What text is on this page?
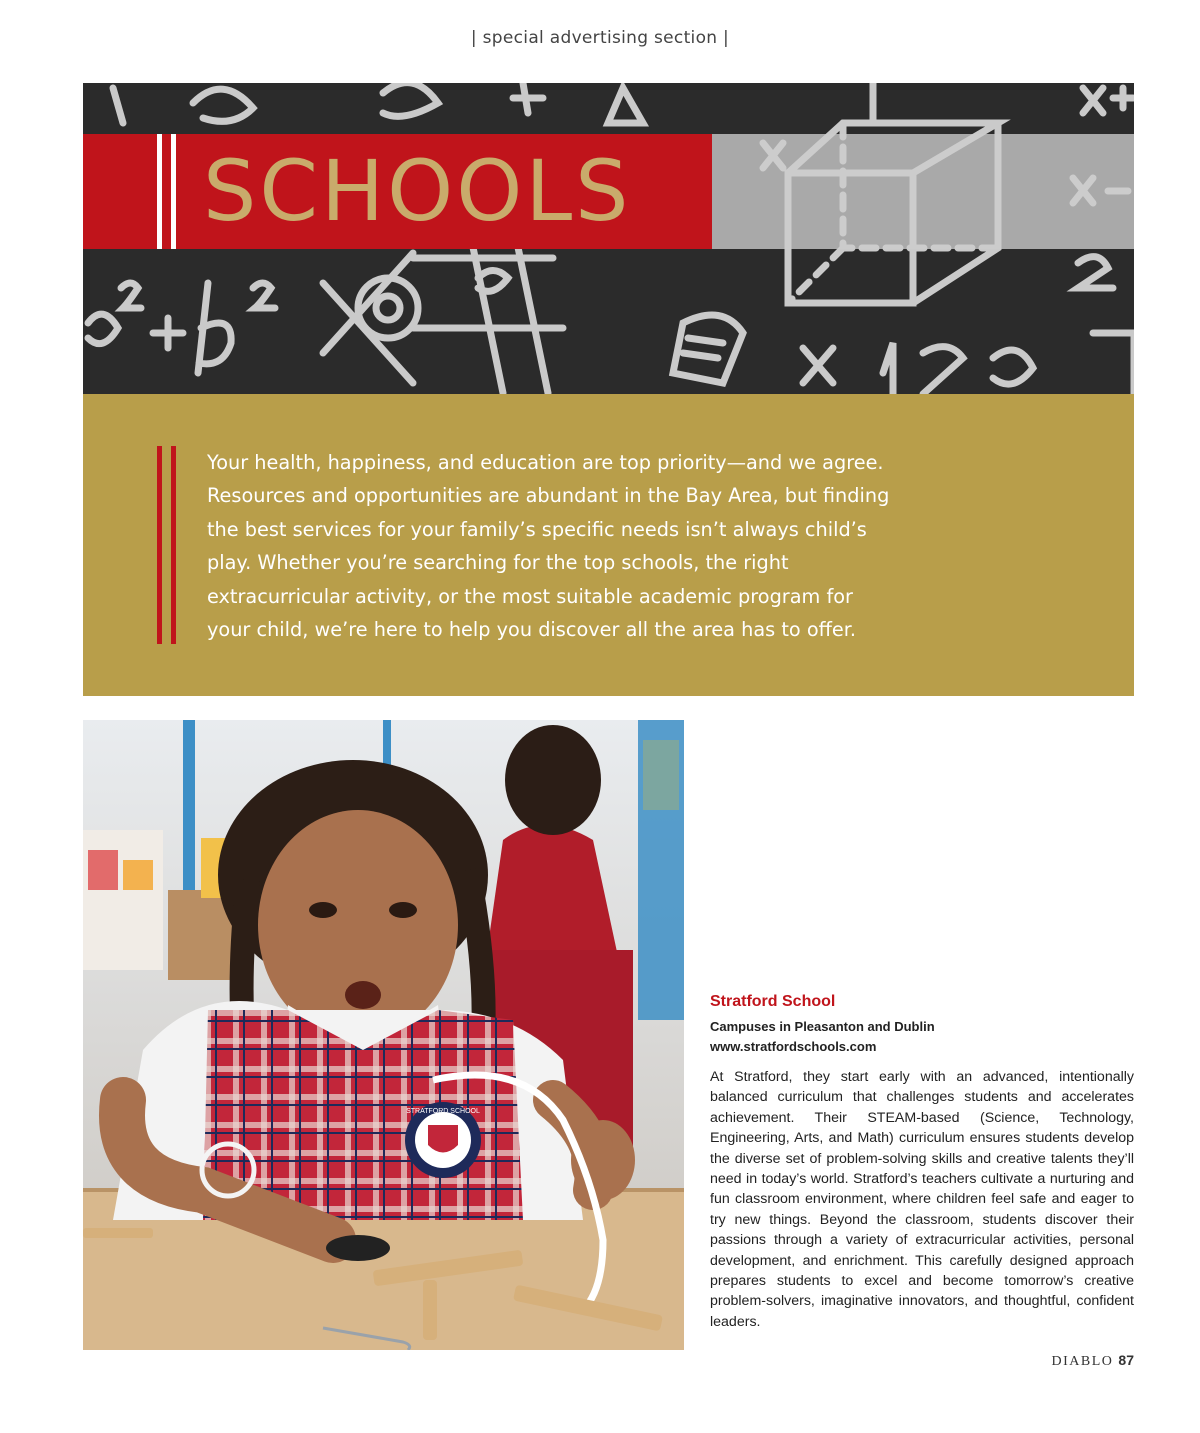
| special advertising section |
SCHOOLS

Your health, happiness, and education are top priority—and we agree. Resources and opportunities are abundant in the Bay Area, but finding the best services for your family’s specific needs isn’t always child’s play. Whether you’re searching for the top schools, the right extracurricular activity, or the most suitable academic program for your child, we’re here to help you discover all the area has to offer.

STRATFORD SCHOOL

Stratford School

Campuses in Pleasanton and Dublin

www.stratfordschools.com

At Stratford, they start early with an advanced, intentionally balanced curriculum that challenges students and accelerates achievement. Their STEAM-based (Science, Technology, Engineering, Arts, and Math) curriculum ensures students develop the diverse set of problem-solving skills and creative talents they’ll need in today’s world. Stratford’s teachers cultivate a nurturing and fun classroom environment, where children feel safe and eager to try new things. Beyond the classroom, students discover their passions through a variety of extracurricular activities, personal development, and enrichment. This carefully designed approach prepares students to excel and become tomorrow’s creative problem-solvers, imaginative innovators, and thoughtful, confident leaders.

DIABLO 87
